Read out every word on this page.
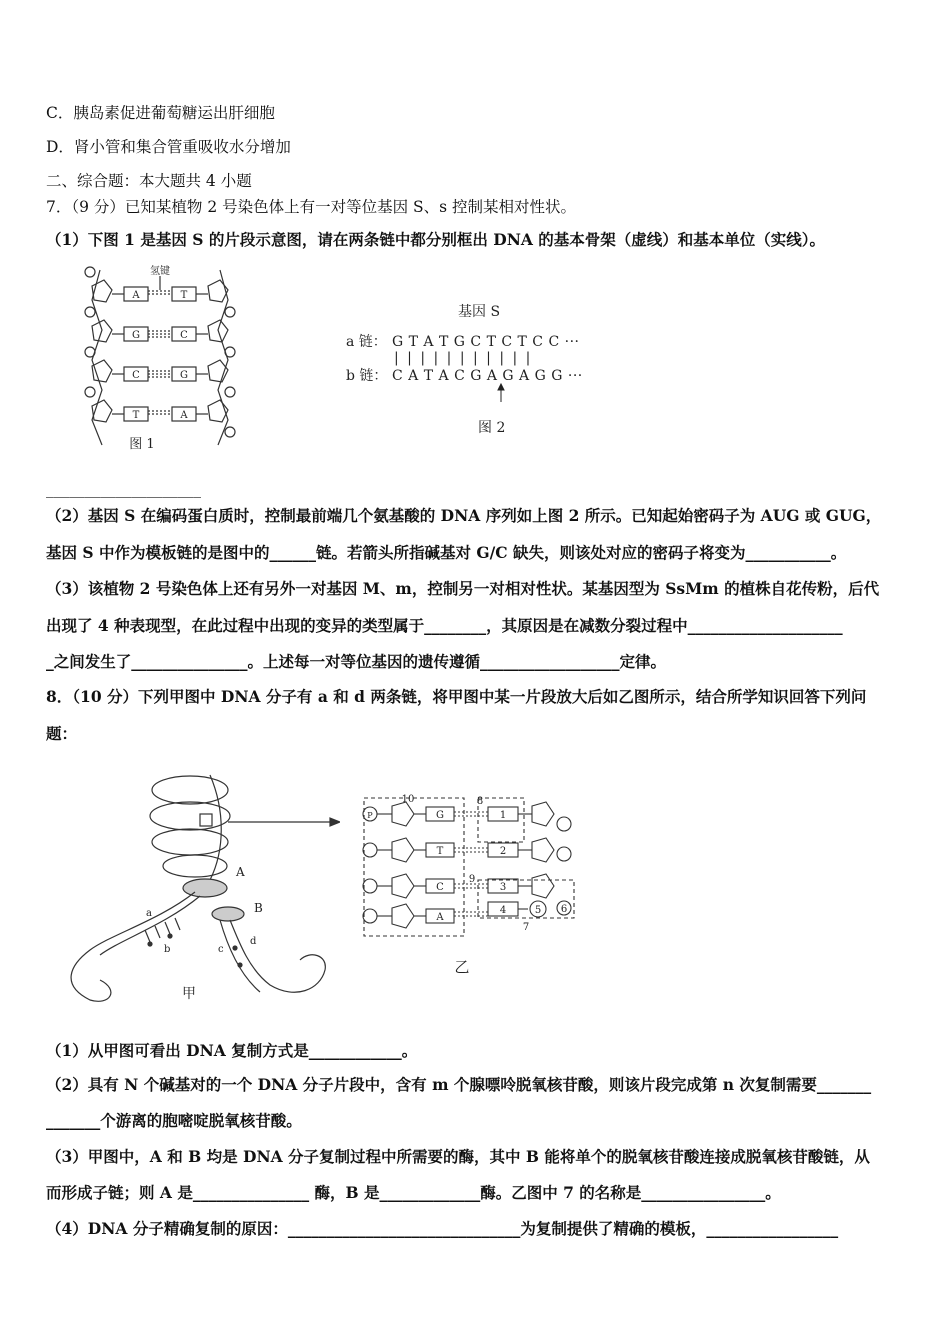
C．胰岛素促进葡萄糖运出肝细胞
D．肾小管和集合管重吸收水分增加
二、综合题：本大题共 4 小题
7．（9 分）已知某植物 2 号染色体上有一对等位基因 S、s 控制某相对性状。
（1）下图 1 是基因 S 的片段示意图，请在两条链中都分别框出 DNA 的基本骨架（虚线）和基本单位（实线）。
氢键
A	T
G	C
C	G
T	A
图 1
基因 S
a 链： G T A T G C T C T C C ···
| | | | | | | | | | |
b 链： C A T A C G A G A G G ···
图 2
____________________
（2）基因 S 在编码蛋白质时，控制最前端几个氨基酸的 DNA 序列如上图 2 所示。已知起始密码子为 AUG 或 GUG，
基因 S 中作为模板链的是图中的______链。若箭头所指碱基对 G/C 缺失，则该处对应的密码子将变为___________。
（3）该植物 2 号染色体上还有另外一对基因 M、m，控制另一对相对性状。某基因型为 SsMm 的植株自花传粉，后代
出现了 4 种表现型，在此过程中出现的变异的类型属于________，其原因是在减数分裂过程中____________________
_之间发生了_______________。上述每一对等位基因的遗传遵循__________________定律。
8．（10 分）下列甲图中 DNA 分子有 a 和 d 两条链，将甲图中某一片段放大后如乙图所示，结合所学知识回答下列问
题：
A
B
a
b	c
d
甲
P	G
T
C
A
1
2
3
4	5 6
7
8
9
10
乙
（1）从甲图可看出 DNA 复制方式是____________。
（2）具有 N 个碱基对的一个 DNA 分子片段中，含有 m 个腺嘌呤脱氧核苷酸，则该片段完成第 n 次复制需要_______
_______个游离的胞嘧啶脱氧核苷酸。
（3）甲图中，A 和 B 均是 DNA 分子复制过程中所需要的酶，其中 B 能将单个的脱氧核苷酸连接成脱氧核苷酸链，从
而形成子链；则 A 是_______________ 酶，B 是_____________酶。乙图中 7 的名称是________________。
（4）DNA 分子精确复制的原因：______________________________为复制提供了精确的模板，_________________
